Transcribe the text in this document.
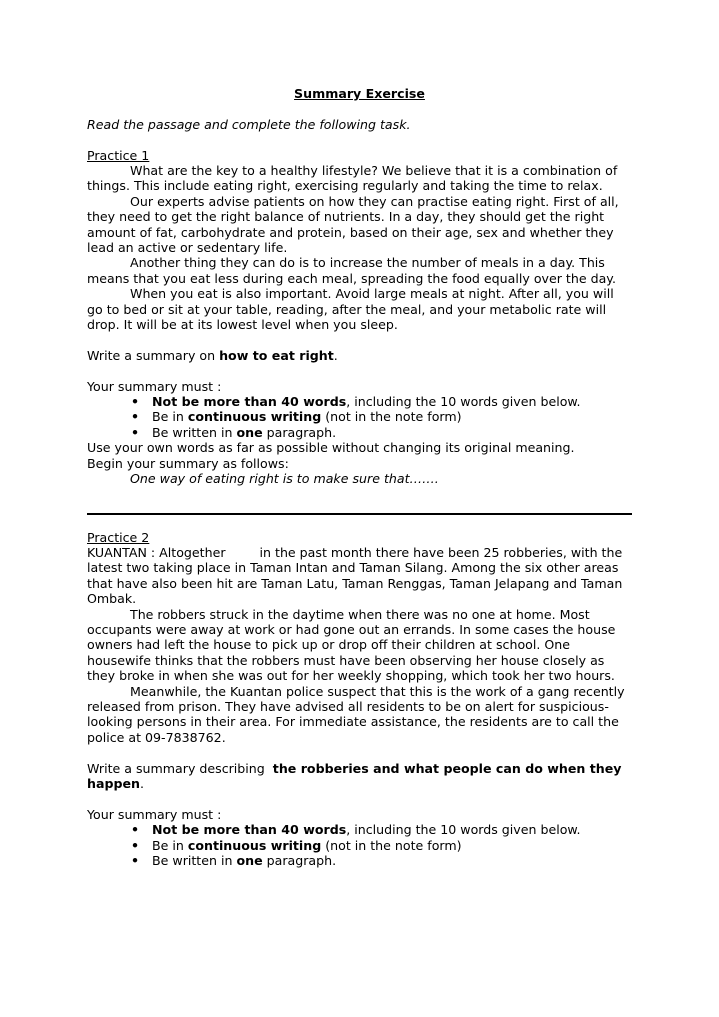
Summary Exercise

Read the passage and complete the following task.

Practice 1

What are the key to a healthy lifestyle? We believe that it is a combination of things. This include eating right, exercising regularly and taking the time to relax.

Our experts advise patients on how they can practise eating right. First of all, they need to get the right balance of nutrients. In a day, they should get the right amount of fat, carbohydrate and protein, based on their age, sex and whether they lead an active or sedentary life.

Another thing they can do is to increase the number of meals in a day. This means that you eat less during each meal, spreading the food equally over the day.

When you eat is also important. Avoid large meals at night. After all, you will go to bed or sit at your table, reading, after the meal, and your metabolic rate will drop. It will be at its lowest level when you sleep.

Write a summary on how to eat right.

Your summary must :

• Not be more than 40 words, including the 10 words given below.
• Be in continuous writing (not in the note form)
• Be written in one paragraph.

Use your own words as far as possible without changing its original meaning.

Begin your summary as follows:

One way of eating right is to make sure that…….

Practice 2

KUANTAN : Altogether	in the past month there have been 25 robberies, with the latest two taking place in Taman Intan and Taman Silang. Among the six other areas that have also been hit are Taman Latu, Taman Renggas, Taman Jelapang and Taman Ombak.

The robbers struck in the daytime when there was no one at home. Most occupants were away at work or had gone out an errands. In some cases the house owners had left the house to pick up or drop off their children at school. One housewife thinks that the robbers must have been observing her house closely as they broke in when she was out for her weekly shopping, which took her two hours.

Meanwhile, the Kuantan police suspect that this is the work of a gang recently released from prison. They have advised all residents to be on alert for suspicious-looking persons in their area. For immediate assistance, the residents are to call the police at 09-7838762.

Write a summary describing  the robberies and what people can do when they happen.

Your summary must :

• Not be more than 40 words, including the 10 words given below.
• Be in continuous writing (not in the note form)
• Be written in one paragraph.
